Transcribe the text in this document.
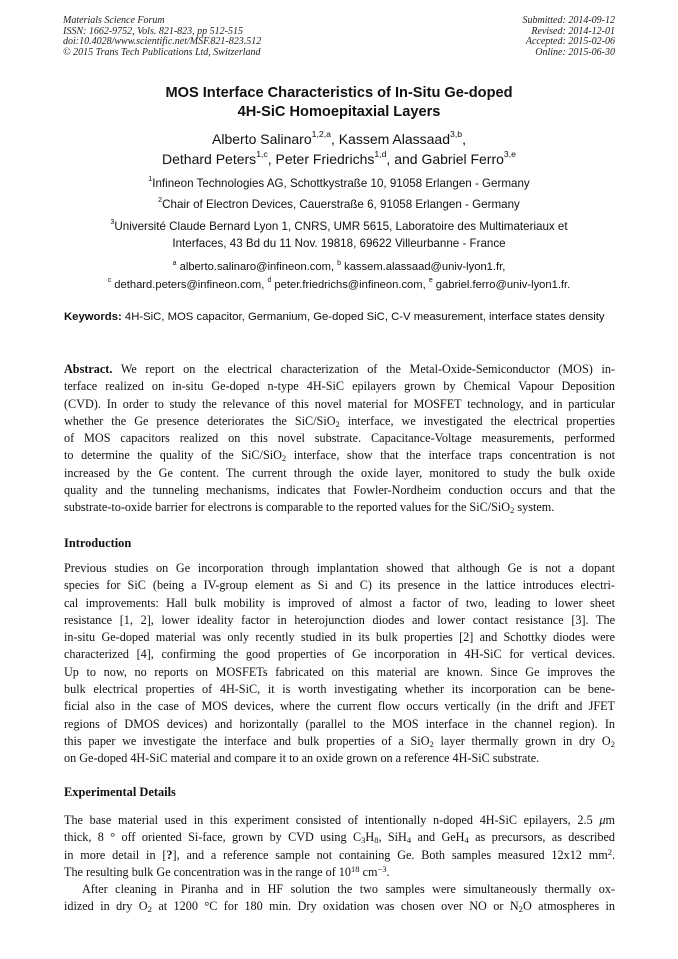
Materials Science Forum
ISSN: 1662-9752, Vols. 821-823, pp 512-515
doi:10.4028/www.scientific.net/MSF.821-823.512
© 2015 Trans Tech Publications Ltd, Switzerland
Submitted: 2014-09-12
Revised: 2014-12-01
Accepted: 2015-02-06
Online: 2015-06-30
MOS Interface Characteristics of In-Situ Ge-doped
4H-SiC Homoepitaxial Layers
Alberto Salinaro$^{1,2,a}$, Kassem Alassaad$^{3,b}$,
Dethard Peters$^{1,c}$, Peter Friedrichs$^{1,d}$, and Gabriel Ferro$^{3,e}$
$^1$Infineon Technologies AG, Schottkystraße 10, 91058 Erlangen - Germany
$^2$Chair of Electron Devices, Cauerstraße 6, 91058 Erlangen - Germany
$^3$Université Claude Bernard Lyon 1, CNRS, UMR 5615, Laboratoire des Multimateriaux et
Interfaces, 43 Bd du 11 Nov. 19818, 69622 Villeurbanne - France
$^a$ alberto.salinaro@infineon.com, $^b$ kassem.alassaad@univ-lyon1.fr,
$^c$ dethard.peters@infineon.com, $^d$ peter.friedrichs@infineon.com, $^e$ gabriel.ferro@univ-lyon1.fr.
Keywords: 4H-SiC, MOS capacitor, Germanium, Ge-doped SiC, C-V measurement, interface states density
Abstract. We report on the electrical characterization of the Metal-Oxide-Semiconductor (MOS) in-
terface realized on in-situ Ge-doped n-type 4H-SiC epilayers grown by Chemical Vapour Deposition
(CVD). In order to study the relevance of this novel material for MOSFET technology, and in particular
whether the Ge presence deteriorates the SiC/SiO$_2$ interface, we investigated the electrical properties
of MOS capacitors realized on this novel substrate. Capacitance-Voltage measurements, performed
to determine the quality of the SiC/SiO$_2$ interface, show that the interface traps concentration is not
increased by the Ge content. The current through the oxide layer, monitored to study the bulk oxide
quality and the tunneling mechanisms, indicates that Fowler-Nordheim conduction occurs and that the
substrate-to-oxide barrier for electrons is comparable to the reported values for the SiC/SiO$_2$ system.
Introduction
Previous studies on Ge incorporation through implantation showed that although Ge is not a dopant
species for SiC (being a IV-group element as Si and C) its presence in the lattice introduces electri-
cal improvements: Hall bulk mobility is improved of almost a factor of two, leading to lower sheet
resistance [1, 2], lower ideality factor in heterojunction diodes and lower contact resistance [3]. The
in-situ Ge-doped material was only recently studied in its bulk properties [2] and Schottky diodes were
characterized [4], confirming the good properties of Ge incorporation in 4H-SiC for vertical devices.
Up to now, no reports on MOSFETs fabricated on this material are known. Since Ge improves the
bulk electrical properties of 4H-SiC, it is worth investigating whether its incorporation can be bene-
ficial also in the case of MOS devices, where the current flow occurs vertically (in the drift and JFET
regions of DMOS devices) and horizontally (parallel to the MOS interface in the channel region). In
this paper we investigate the interface and bulk properties of a SiO$_2$ layer thermally grown in dry $O_2$
on Ge-doped 4H-SiC material and compare it to an oxide grown on a reference 4H-SiC substrate.
Experimental Details
The base material used in this experiment consisted of intentionally n-doped 4H-SiC epilayers, 2.5 μm
thick, 8 ° off oriented Si-face, grown by CVD using $C_3H_8$, SiH$_4$ and GeH$_4$ as precursors, as described
in more detail in [?], and a reference sample not containing Ge. Both samples measured 12x12 $mm^2$.
The resulting bulk Ge concentration was in the range of $10^{18}$ $cm^{-3}$.
After cleaning in Piranha and in HF solution the two samples were simultaneously thermally ox-
idized in dry $O_2$ at 1200 °C for 180 min. Dry oxidation was chosen over NO or $N_2O$ atmospheres in
